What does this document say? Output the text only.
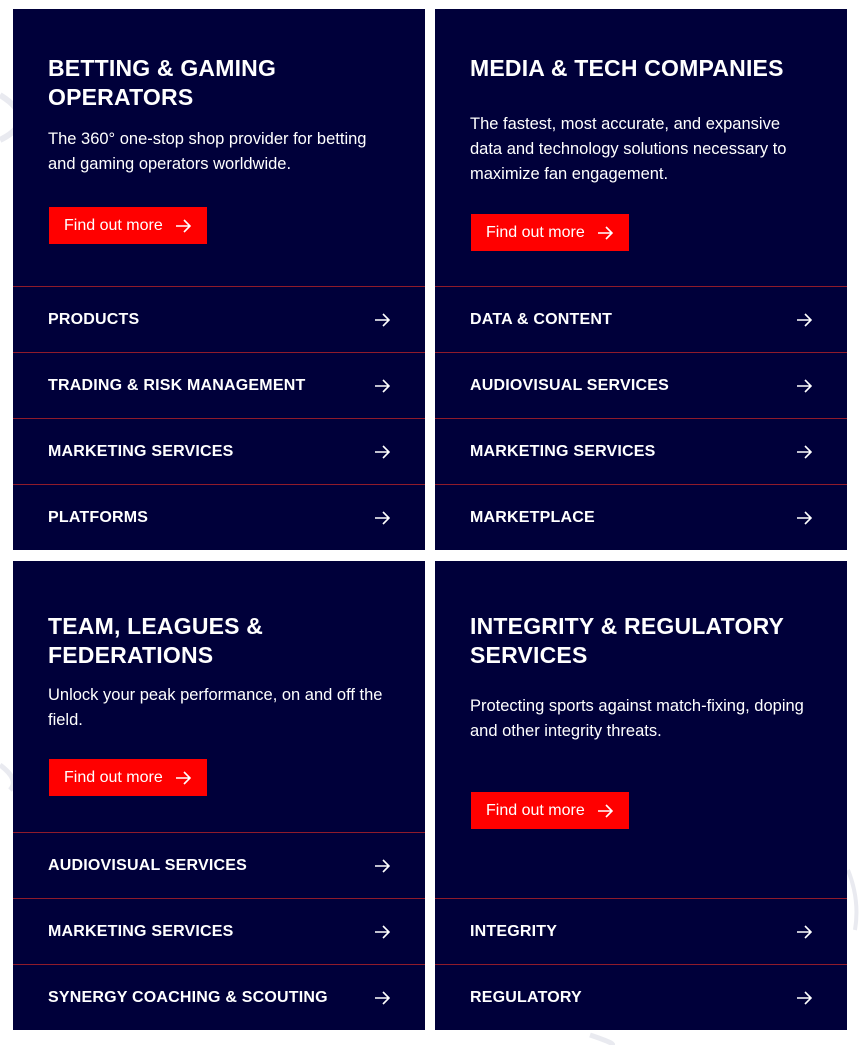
BETTING & GAMING OPERATORS

The 360° one-stop shop provider for betting and gaming operators worldwide.

Find out more
PRODUCTS
TRADING & RISK MANAGEMENT
MARKETING SERVICES
PLATFORMS
MEDIA & TECH COMPANIES

The fastest, most accurate, and expansive data and technology solutions necessary to maximize fan engagement.

Find out more
DATA & CONTENT
AUDIOVISUAL SERVICES
MARKETING SERVICES
MARKETPLACE
TEAM, LEAGUES & FEDERATIONS

Unlock your peak performance, on and off the field.

Find out more
AUDIOVISUAL SERVICES
MARKETING SERVICES
SYNERGY COACHING & SCOUTING
INTEGRITY & REGULATORY SERVICES

Protecting sports against match-fixing, doping and other integrity threats.

Find out more
INTEGRITY
REGULATORY
